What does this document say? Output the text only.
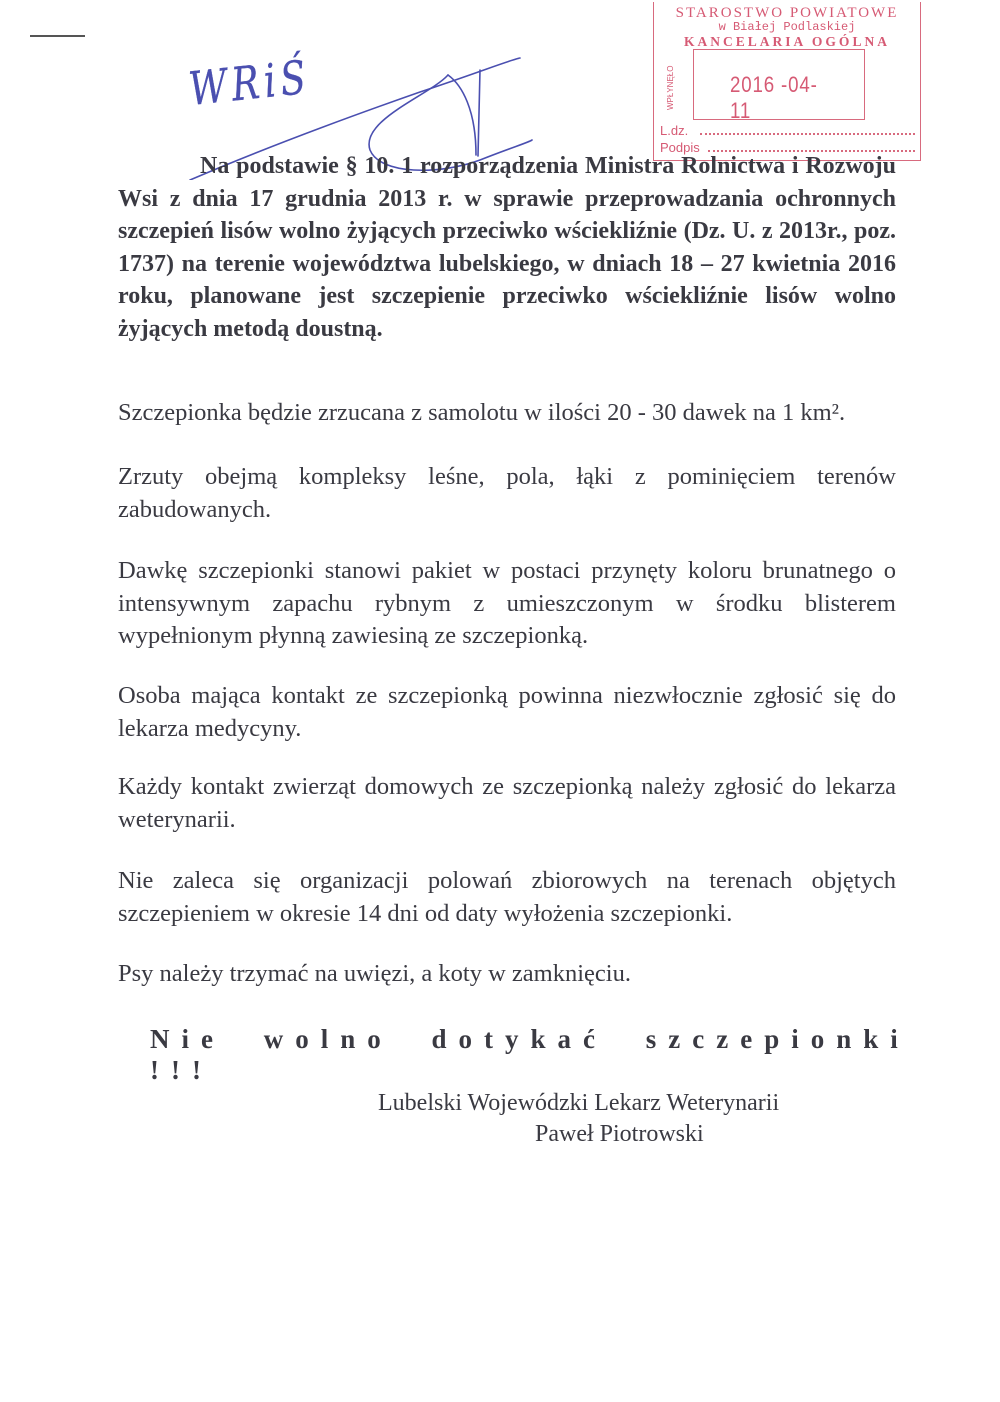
STAROSTWO POWIATOWE
w Białej Podlaskiej
KANCELARIA OGÓLNA
WPŁYNĘŁO	2016 -04- 11
L.dz.
Podpis
WRiŚ
Na podstawie § 10. 1 rozporządzenia Ministra Rolnictwa i Rozwoju Wsi z dnia 17 grudnia 2013 r. w sprawie przeprowadzania ochronnych szczepień lisów wolno żyjących przeciwko wściekliźnie (Dz. U. z 2013r., poz. 1737) na terenie województwa lubelskiego, w dniach 18 – 27 kwietnia 2016 roku, planowane jest szczepienie przeciwko wściekliźnie lisów wolno żyjących metodą doustną.
Szczepionka będzie zrzucana z samolotu w ilości 20 - 30 dawek na 1 km².
Zrzuty obejmą kompleksy leśne, pola, łąki z pominięciem terenów zabudowanych.
Dawkę szczepionki stanowi pakiet w postaci przynęty koloru brunatnego o intensywnym zapachu rybnym z umieszczonym w środku blisterem wypełnionym płynną zawiesiną ze szczepionką.
Osoba mająca kontakt ze szczepionką powinna niezwłocznie zgłosić się do lekarza medycyny.
Każdy kontakt zwierząt domowych ze szczepionką należy zgłosić do lekarza weterynarii.
Nie zaleca się organizacji polowań zbiorowych na terenach objętych szczepieniem w okresie 14 dni od daty wyłożenia szczepionki.
Psy należy trzymać na uwięzi, a koty w zamknięciu.
Nie wolno dotykać szczepionki !!!
Lubelski Wojewódzki Lekarz Weterynarii
Paweł Piotrowski
